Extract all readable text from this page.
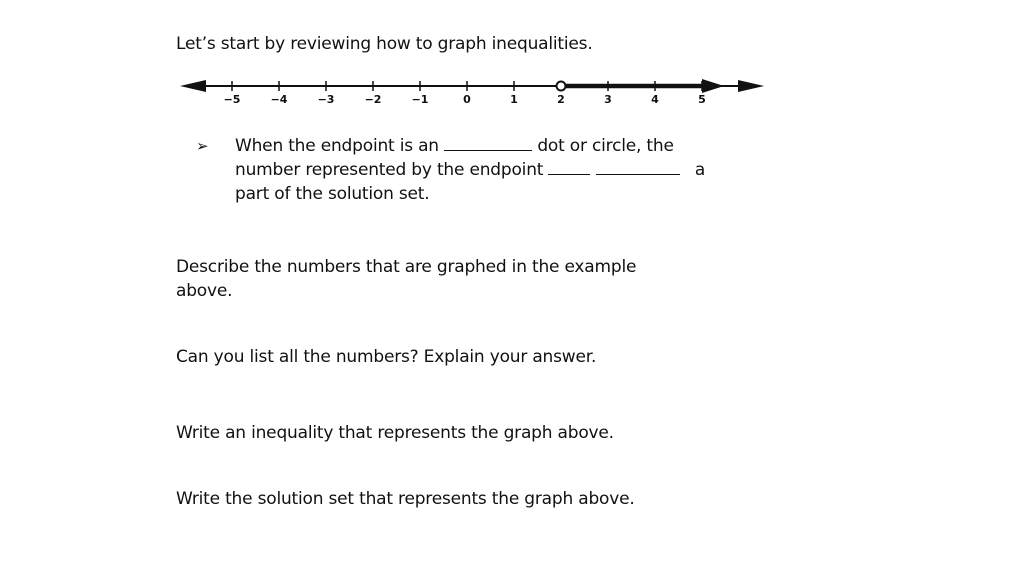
Let’s start by reviewing how to graph inequalities.
−5	−4	−3	−2	−1	0	1	2	3	4	5
➢ When the endpoint is an	dot or circle, the
number represented by the endpoint	a
part of the solution set.
Describe the numbers that are graphed in the example
above.
Can you list all the numbers? Explain your answer.
Write an inequality that represents the graph above.
Write the solution set that represents the graph above.
